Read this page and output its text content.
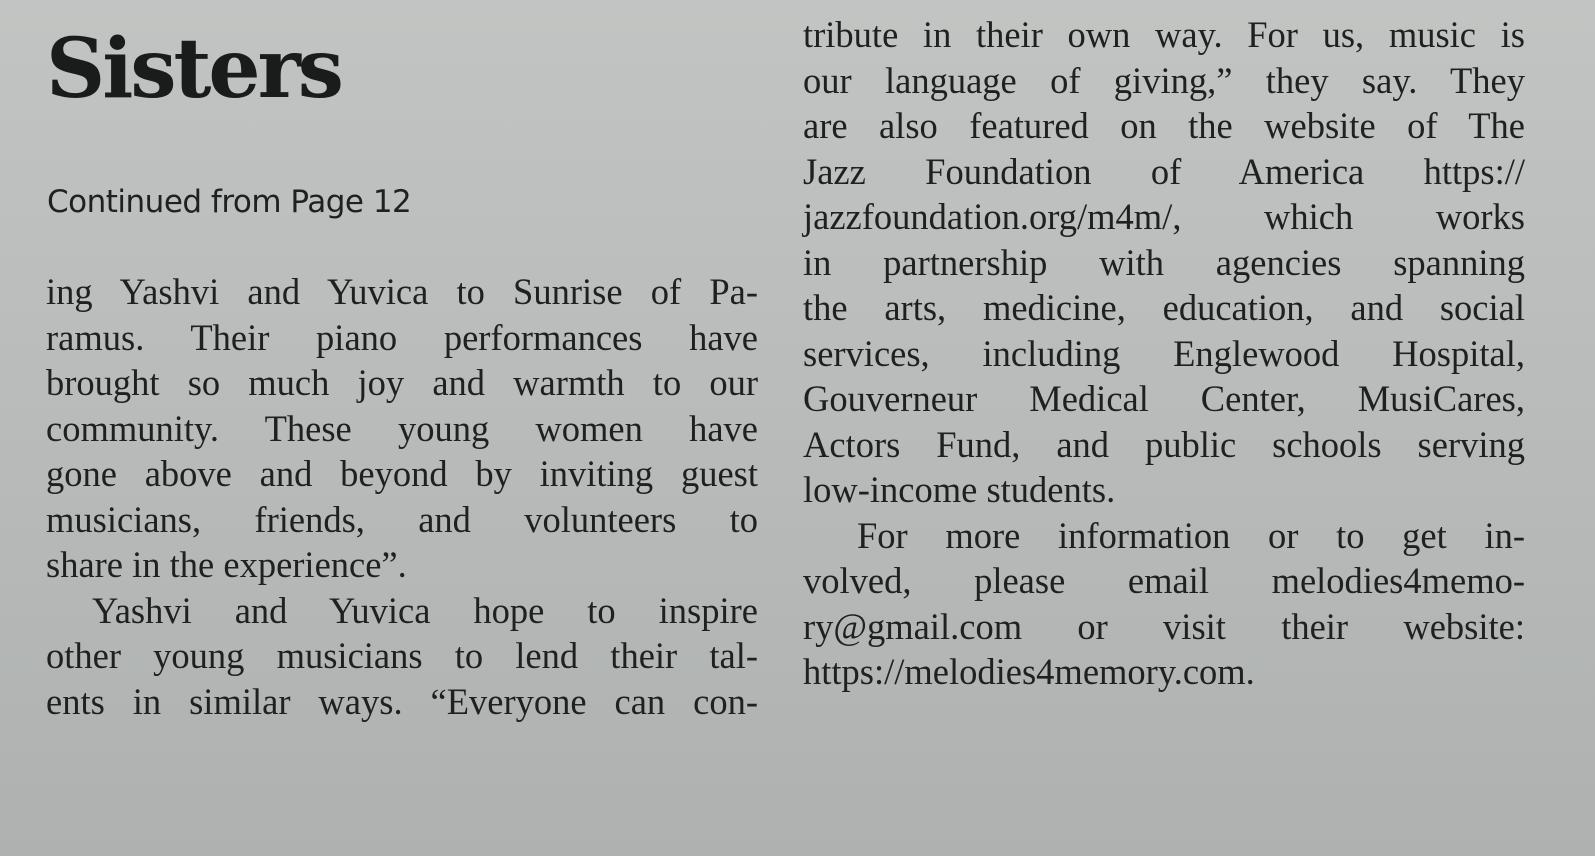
Sisters

Continued from Page 12

ing Yashvi and Yuvica to Sunrise of Pa-
ramus. Their piano performances have
brought so much joy and warmth to our
community. These young women have
gone above and beyond by inviting guest
musicians, friends, and volunteers to
share in the experience”.
Yashvi and Yuvica hope to inspire
other young musicians to lend their tal-
ents in similar ways. “Everyone can con-
tribute in their own way. For us, music is
our language of giving,” they say. They
are also featured on the website of The
Jazz Foundation of America https://
jazzfoundation.org/m4m/, which works
in partnership with agencies spanning
the arts, medicine, education, and social
services, including Englewood Hospital,
Gouverneur Medical Center, MusiCares,
Actors Fund, and public schools serving
low-income students.
For more information or to get in-
volved, please email melodies4memo-
ry@gmail.com or visit their website:
https://melodies4memory.com.
